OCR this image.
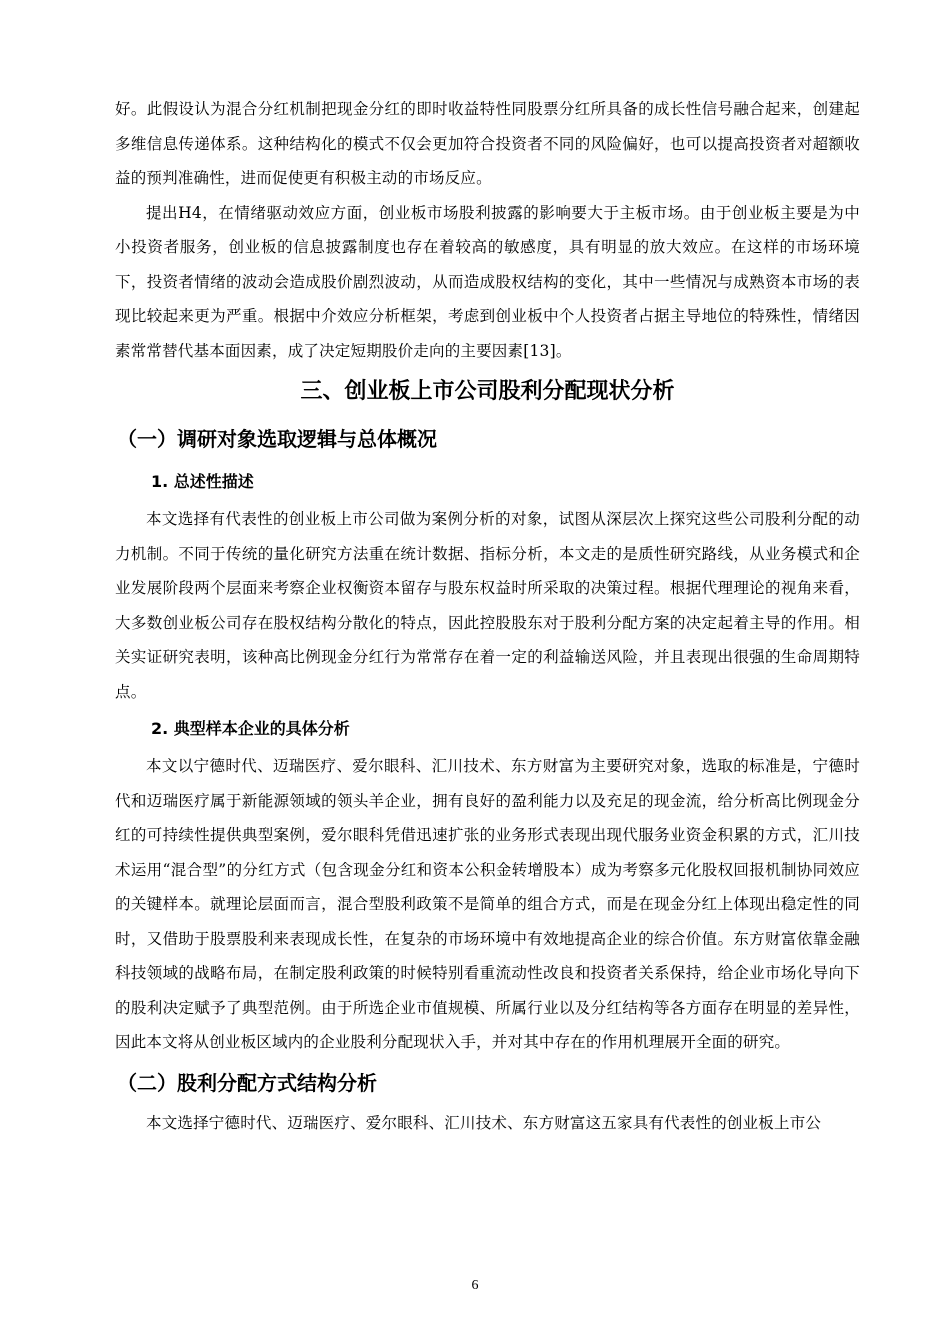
好。此假设认为混合分红机制把现金分红的即时收益特性同股票分红所具备的成长性信号融合起来，创建起多维信息传递体系。这种结构化的模式不仅会更加符合投资者不同的风险偏好，也可以提高投资者对超额收益的预判准确性，进而促使更有积极主动的市场反应。

提出H4，在情绪驱动效应方面，创业板市场股利披露的影响要大于主板市场。由于创业板主要是为中小投资者服务，创业板的信息披露制度也存在着较高的敏感度，具有明显的放大效应。在这样的市场环境下，投资者情绪的波动会造成股价剧烈波动，从而造成股权结构的变化，其中一些情况与成熟资本市场的表现比较起来更为严重。根据中介效应分析框架，考虑到创业板中个人投资者占据主导地位的特殊性，情绪因素常常替代基本面因素，成了决定短期股价走向的主要因素[13]。

三、创业板上市公司股利分配现状分析
（一）调研对象选取逻辑与总体概况
1. 总述性描述

本文选择有代表性的创业板上市公司做为案例分析的对象，试图从深层次上探究这些公司股利分配的动力机制。不同于传统的量化研究方法重在统计数据、指标分析，本文走的是质性研究路线，从业务模式和企业发展阶段两个层面来考察企业权衡资本留存与股东权益时所采取的决策过程。根据代理理论的视角来看，大多数创业板公司存在股权结构分散化的特点，因此控股股东对于股利分配方案的决定起着主导的作用。相关实证研究表明，该种高比例现金分红行为常常存在着一定的利益输送风险，并且表现出很强的生命周期特点。

2. 典型样本企业的具体分析

本文以宁德时代、迈瑞医疗、爱尔眼科、汇川技术、东方财富为主要研究对象，选取的标准是，宁德时代和迈瑞医疗属于新能源领域的领头羊企业，拥有良好的盈利能力以及充足的现金流，给分析高比例现金分红的可持续性提供典型案例，爱尔眼科凭借迅速扩张的业务形式表现出现代服务业资金积累的方式，汇川技术运用“混合型”的分红方式（包含现金分红和资本公积金转增股本）成为考察多元化股权回报机制协同效应的关键样本。就理论层面而言，混合型股利政策不是简单的组合方式，而是在现金分红上体现出稳定性的同时，又借助于股票股利来表现成长性，在复杂的市场环境中有效地提高企业的综合价值。东方财富依靠金融科技领域的战略布局，在制定股利政策的时候特别看重流动性改良和投资者关系保持，给企业市场化导向下的股利决定赋予了典型范例。由于所选企业市值规模、所属行业以及分红结构等各方面存在明显的差异性，因此本文将从创业板区域内的企业股利分配现状入手，并对其中存在的作用机理展开全面的研究。

（二）股利分配方式结构分析

本文选择宁德时代、迈瑞医疗、爱尔眼科、汇川技术、东方财富这五家具有代表性的创业板上市公

6
